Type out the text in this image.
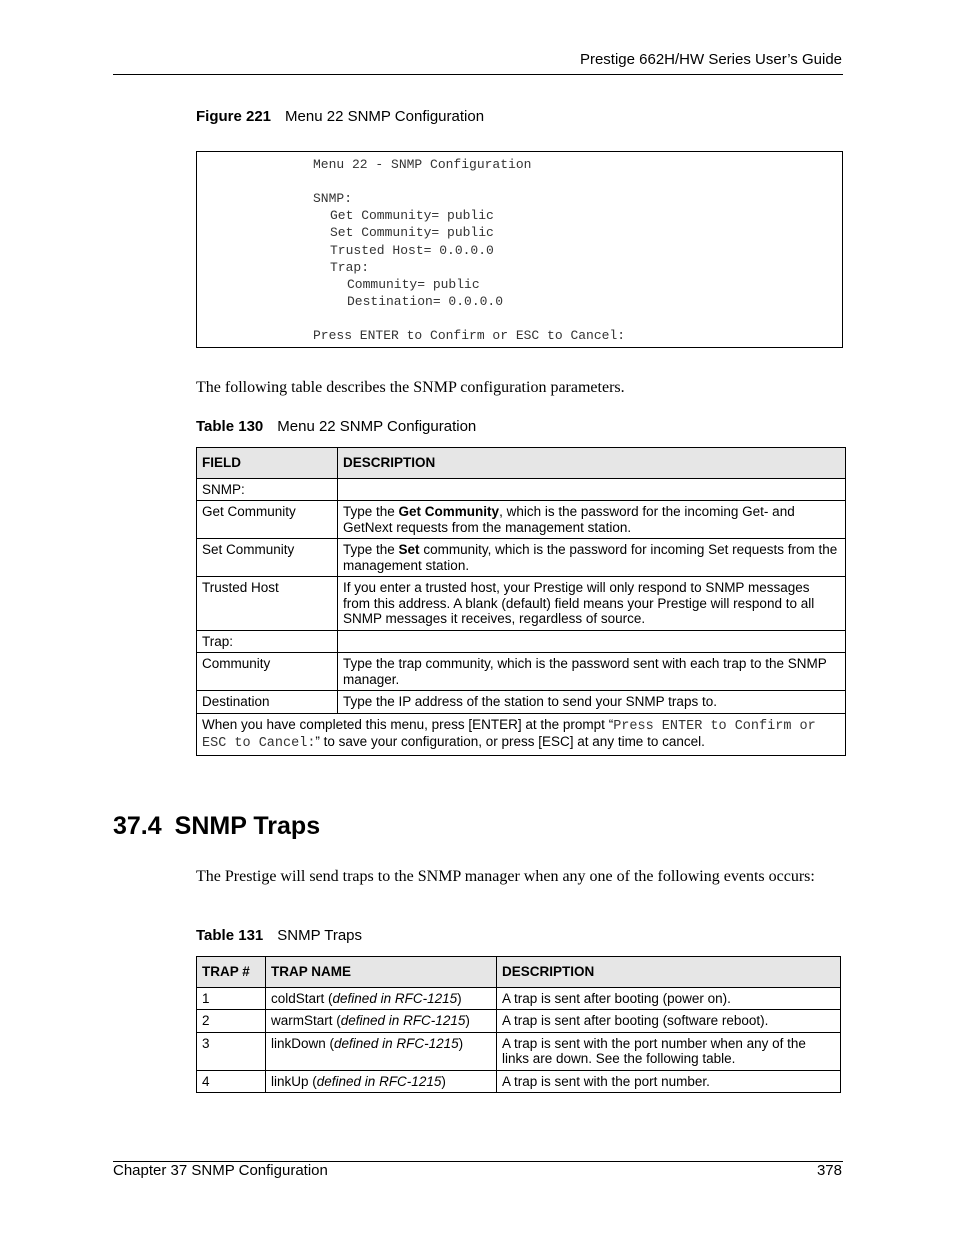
Prestige 662H/HW Series User’s Guide
Figure 221 Menu 22 SNMP Configuration
Menu 22 - SNMP Configuration
SNMP:
Get Community= public
Set Community= public
Trusted Host= 0.0.0.0
Trap:
Community= public
Destination= 0.0.0.0
Press ENTER to Confirm or ESC to Cancel:
The following table describes the SNMP configuration parameters.
Table 130 Menu 22 SNMP Configuration
FIELD	DESCRIPTION
SNMP:	
Get Community	Type the Get Community, which is the password for the incoming Get- and GetNext requests from the management station.
Set Community	Type the Set community, which is the password for incoming Set requests from the management station.
Trusted Host	If you enter a trusted host, your Prestige will only respond to SNMP messages from this address. A blank (default) field means your Prestige will respond to all SNMP messages it receives, regardless of source.
Trap:	
Community	Type the trap community, which is the password sent with each trap to the SNMP manager.
Destination	Type the IP address of the station to send your SNMP traps to.
When you have completed this menu, press [ENTER] at the prompt “Press ENTER to Confirm or ESC to Cancel:” to save your configuration, or press [ESC] at any time to cancel.	
37.4 SNMP Traps
The Prestige will send traps to the SNMP manager when any one of the following events occurs:
Table 131 SNMP Traps
TRAP #	TRAP NAME	DESCRIPTION
1	coldStart (defined in RFC-1215)	A trap is sent after booting (power on).
2	warmStart (defined in RFC-1215)	A trap is sent after booting (software reboot).
3	linkDown (defined in RFC-1215)	A trap is sent with the port number when any of the links are down. See the following table.
4	linkUp (defined in RFC-1215)	A trap is sent with the port number.
Chapter 37 SNMP Configuration	378
